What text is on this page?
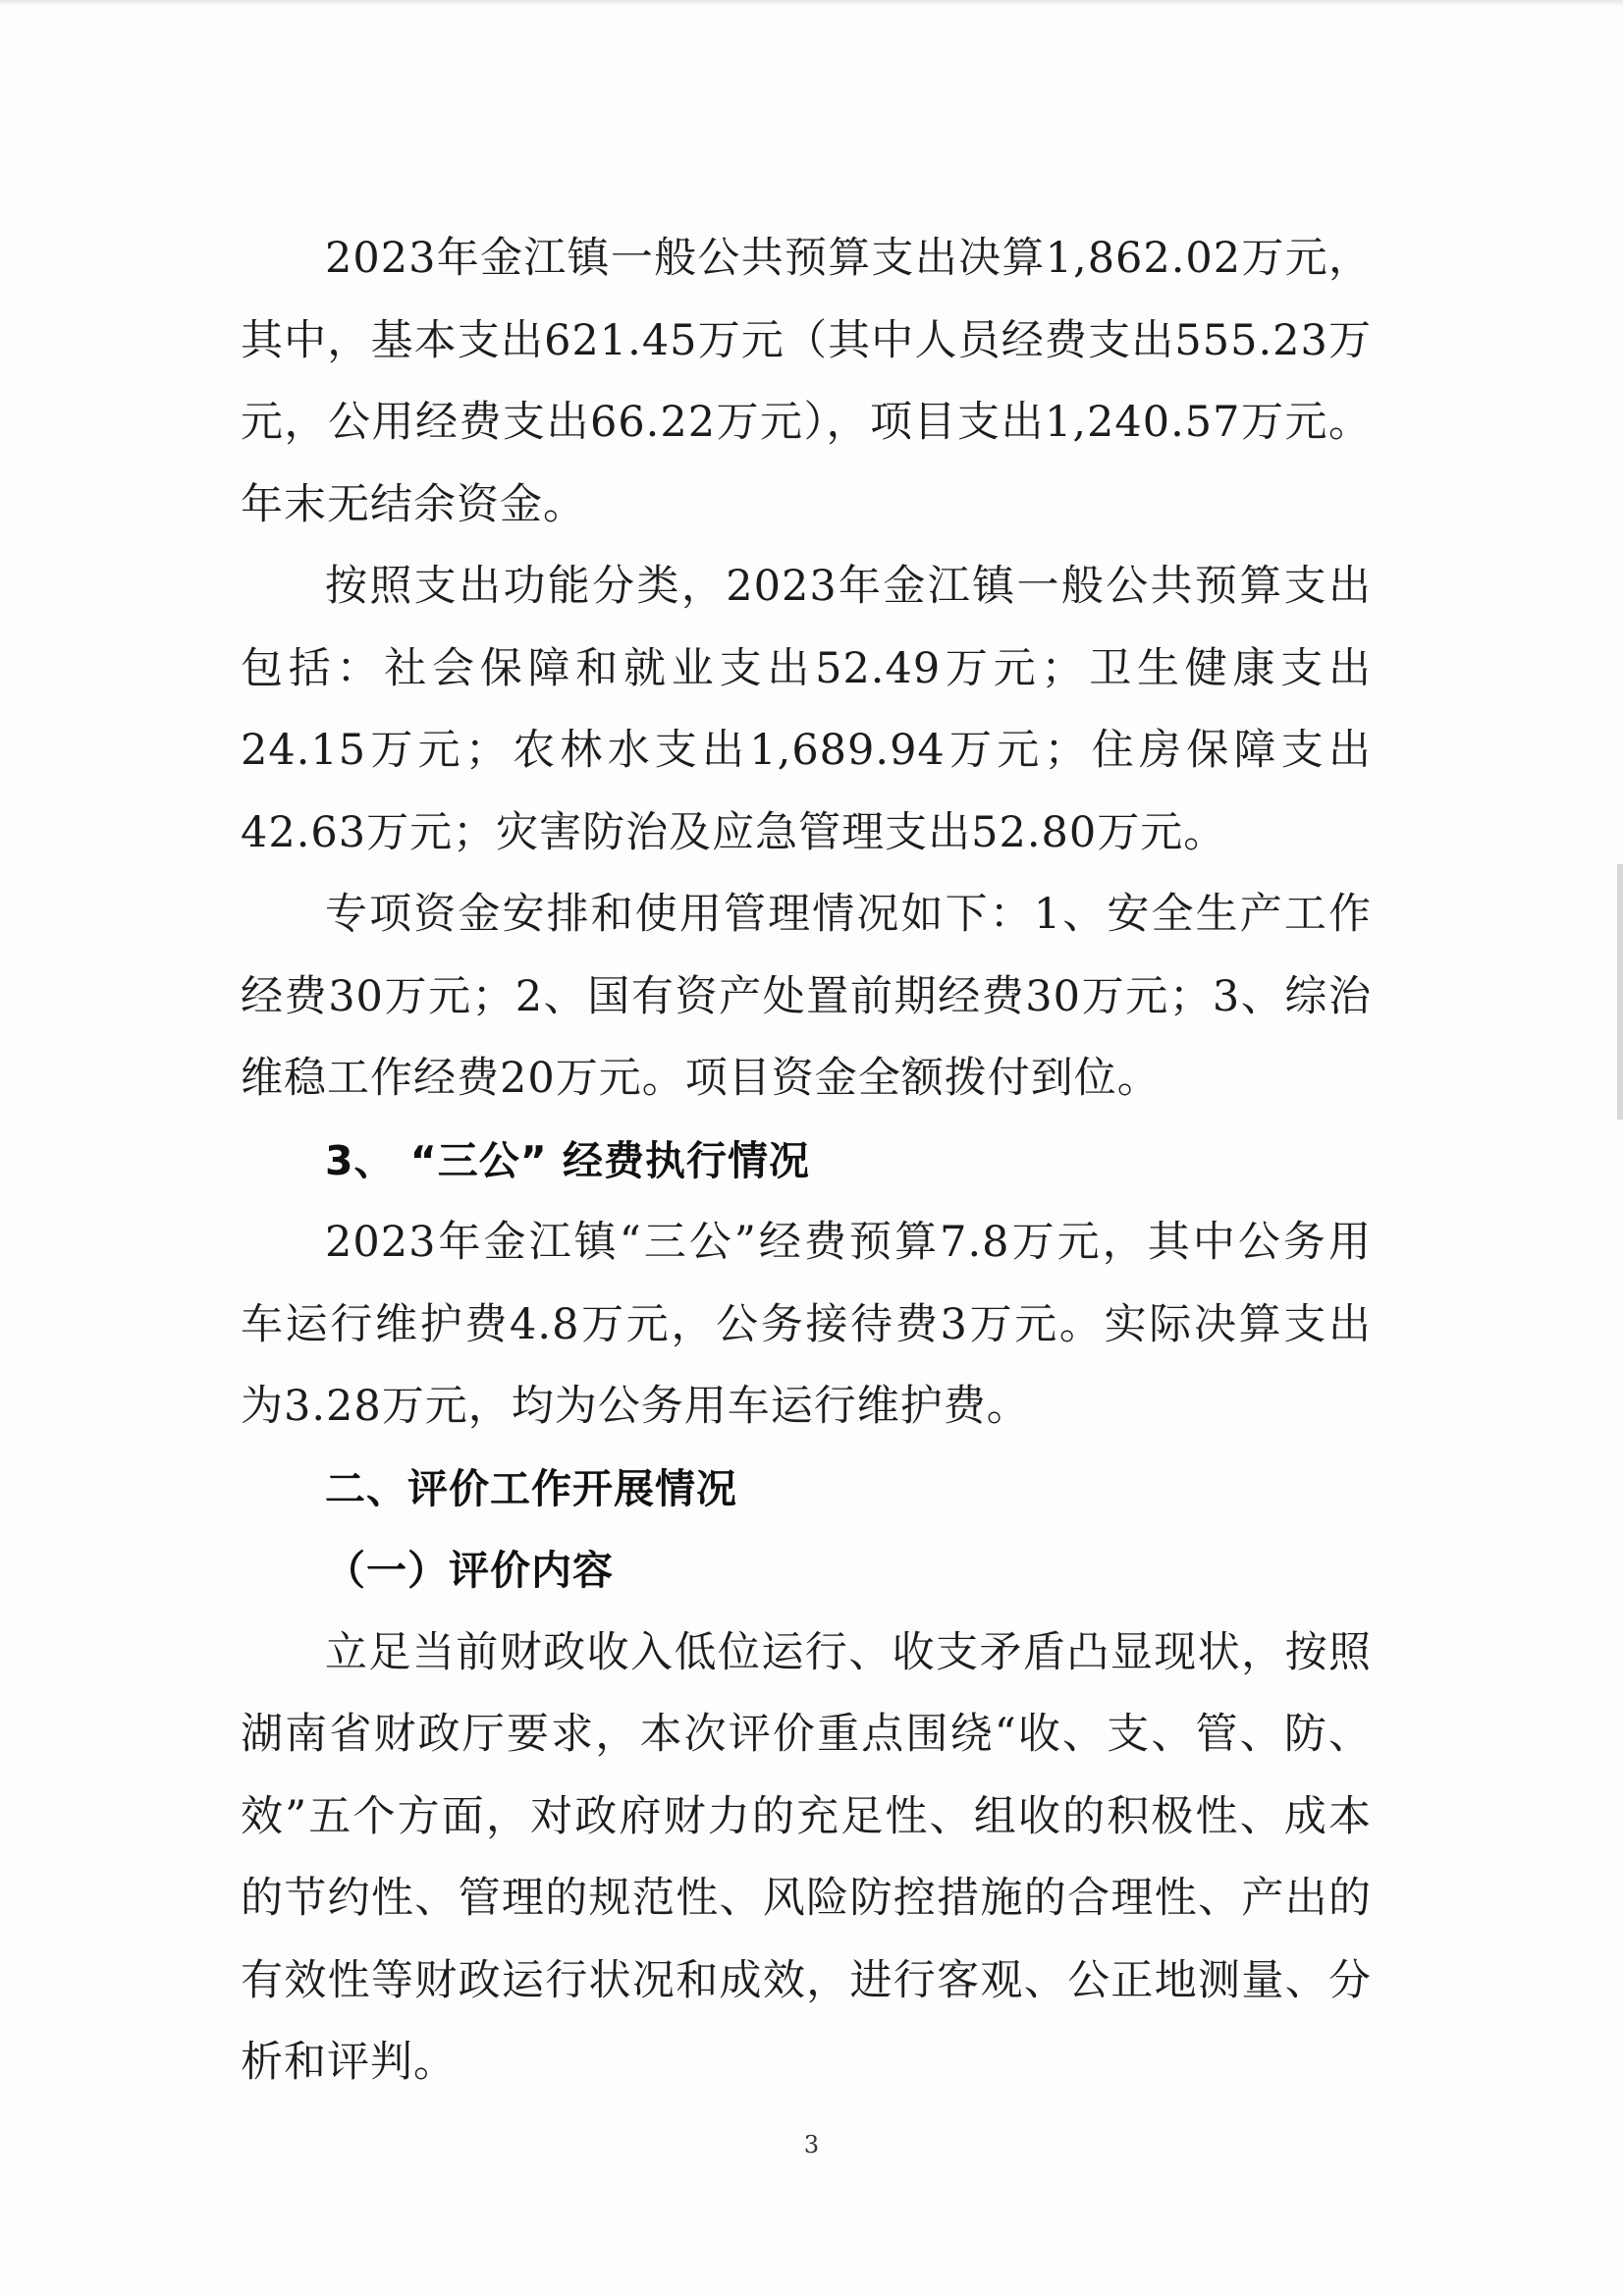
2023年金江镇一般公共预算支出决算1,862.02万元，其中，基本支出621.45万元（其中人员经费支出555.23万元，公用经费支出66.22万元），项目支出1,240.57万元。年末无结余资金。

按照支出功能分类，2023年金江镇一般公共预算支出包括：社会保障和就业支出52.49万元；卫生健康支出24.15万元；农林水支出1,689.94万元；住房保障支出42.63万元；灾害防治及应急管理支出52.80万元。

专项资金安排和使用管理情况如下：1、安全生产工作经费30万元；2、国有资产处置前期经费30万元；3、综治维稳工作经费20万元。项目资金全额拨付到位。

3、 “三公” 经费执行情况

2023年金江镇“三公”经费预算7.8万元，其中公务用车运行维护费4.8万元，公务接待费3万元。实际决算支出为3.28万元，均为公务用车运行维护费。

二、评价工作开展情况

（一）评价内容

立足当前财政收入低位运行、收支矛盾凸显现状，按照湖南省财政厅要求，本次评价重点围绕“收、支、管、防、效”五个方面，对政府财力的充足性、组收的积极性、成本的节约性、管理的规范性、风险防控措施的合理性、产出的有效性等财政运行状况和成效，进行客观、公正地测量、分析和评判。

3
